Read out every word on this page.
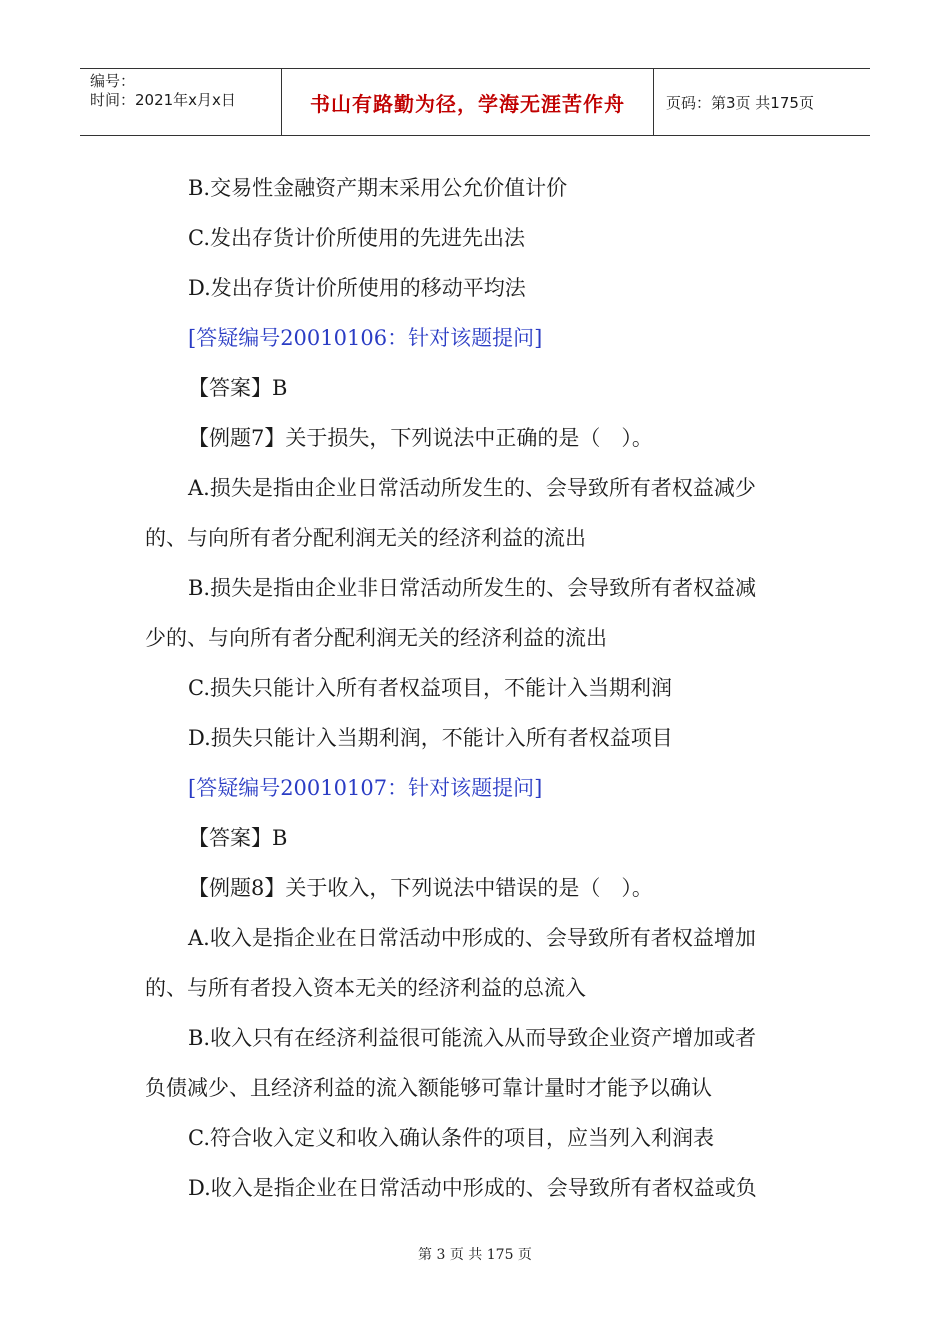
编号：
时间：2021年x月x日	书山有路勤为径，学海无涯苦作舟	页码：第3页 共175页

B.交易性金融资产期末采用公允价值计价

C.发出存货计价所使用的先进先出法

D.发出存货计价所使用的移动平均法

[答疑编号20010106：针对该题提问]

【答案】B

【例题7】关于损失，下列说法中正确的是（　）。

A.损失是指由企业日常活动所发生的、会导致所有者权益减少

的、与向所有者分配利润无关的经济利益的流出

B.损失是指由企业非日常活动所发生的、会导致所有者权益减

少的、与向所有者分配利润无关的经济利益的流出

C.损失只能计入所有者权益项目，不能计入当期利润

D.损失只能计入当期利润，不能计入所有者权益项目

[答疑编号20010107：针对该题提问]

【答案】B

【例题8】关于收入，下列说法中错误的是（　）。

A.收入是指企业在日常活动中形成的、会导致所有者权益增加

的、与所有者投入资本无关的经济利益的总流入

B.收入只有在经济利益很可能流入从而导致企业资产增加或者

负债减少、且经济利益的流入额能够可靠计量时才能予以确认

C.符合收入定义和收入确认条件的项目，应当列入利润表

D.收入是指企业在日常活动中形成的、会导致所有者权益或负

第 3 页 共 175 页
